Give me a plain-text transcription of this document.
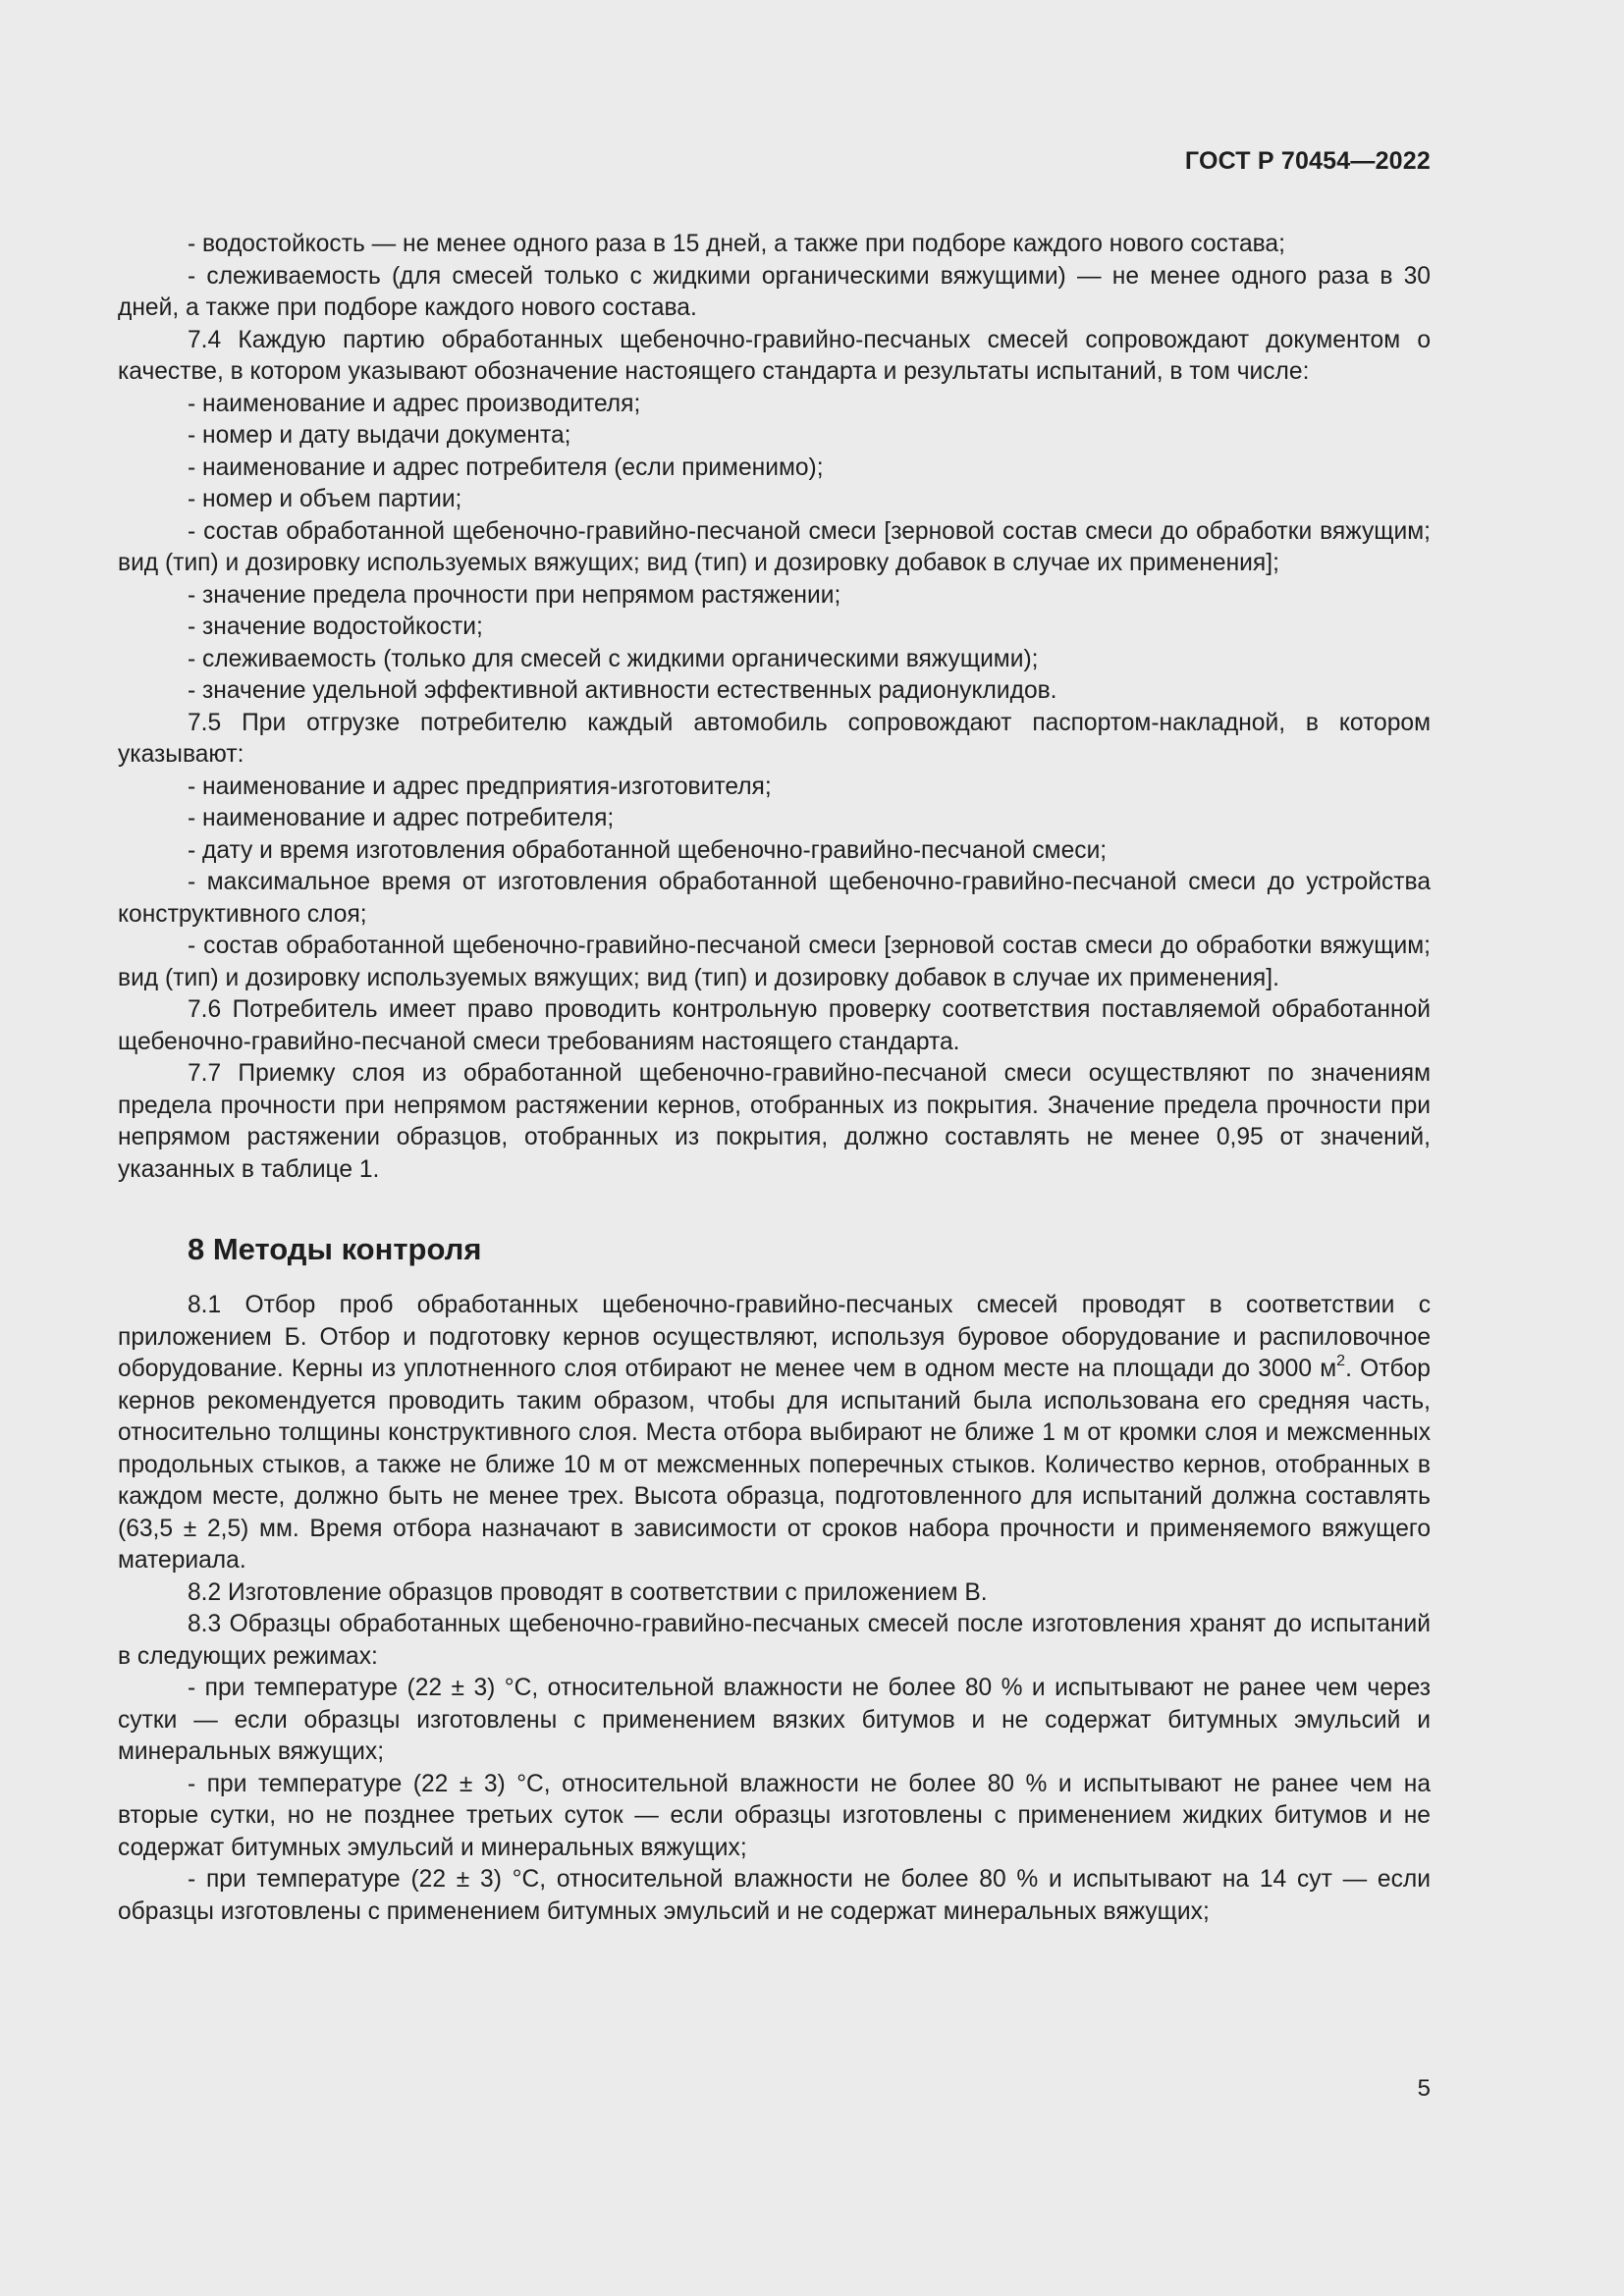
ГОСТ Р 70454—2022

- водостойкость — не менее одного раза в 15 дней, а также при подборе каждого нового состава;

- слеживаемость (для смесей только с жидкими органическими вяжущими) — не менее одного раза в 30 дней, а также при подборе каждого нового состава.

7.4 Каждую партию обработанных щебеночно-гравийно-песчаных смесей сопровождают документом о качестве, в котором указывают обозначение настоящего стандарта и результаты испытаний, в том числе:

- наименование и адрес производителя;

- номер и дату выдачи документа;

- наименование и адрес потребителя (если применимо);

- номер и объем партии;

- состав обработанной щебеночно-гравийно-песчаной смеси [зерновой состав смеси до обработки вяжущим; вид (тип) и дозировку используемых вяжущих; вид (тип) и дозировку добавок в случае их применения];

- значение предела прочности при непрямом растяжении;

- значение водостойкости;

- слеживаемость (только для смесей с жидкими органическими вяжущими);

- значение удельной эффективной активности естественных радионуклидов.

7.5 При отгрузке потребителю каждый автомобиль сопровождают паспортом-накладной, в котором указывают:

- наименование и адрес предприятия-изготовителя;

- наименование и адрес потребителя;

- дату и время изготовления обработанной щебеночно-гравийно-песчаной смеси;

- максимальное время от изготовления обработанной щебеночно-гравийно-песчаной смеси до устройства конструктивного слоя;

- состав обработанной щебеночно-гравийно-песчаной смеси [зерновой состав смеси до обработки вяжущим; вид (тип) и дозировку используемых вяжущих; вид (тип) и дозировку добавок в случае их применения].

7.6 Потребитель имеет право проводить контрольную проверку соответствия поставляемой обработанной щебеночно-гравийно-песчаной смеси требованиям настоящего стандарта.

7.7 Приемку слоя из обработанной щебеночно-гравийно-песчаной смеси осуществляют по значениям предела прочности при непрямом растяжении кернов, отобранных из покрытия. Значение предела прочности при непрямом растяжении образцов, отобранных из покрытия, должно составлять не менее 0,95 от значений, указанных в таблице 1.

8 Методы контроля

8.1 Отбор проб обработанных щебеночно-гравийно-песчаных смесей проводят в соответствии с приложением Б. Отбор и подготовку кернов осуществляют, используя буровое оборудование и распиловочное оборудование. Керны из уплотненного слоя отбирают не менее чем в одном месте на площади до 3000 $м^2$. Отбор кернов рекомендуется проводить таким образом, чтобы для испытаний была использована его средняя часть, относительно толщины конструктивного слоя. Места отбора выбирают не ближе 1 м от кромки слоя и межсменных продольных стыков, а также не ближе 10 м от межсменных поперечных стыков. Количество кернов, отобранных в каждом месте, должно быть не менее трех. Высота образца, подготовленного для испытаний должна составлять (63,5 ± 2,5) мм. Время отбора назначают в зависимости от сроков набора прочности и применяемого вяжущего материала.

8.2 Изготовление образцов проводят в соответствии с приложением В.

8.3 Образцы обработанных щебеночно-гравийно-песчаных смесей после изготовления хранят до испытаний в следующих режимах:

- при температуре (22 ± 3) °С, относительной влажности не более 80 % и испытывают не ранее чем через сутки — если образцы изготовлены с применением вязких битумов и не содержат битумных эмульсий и минеральных вяжущих;

- при температуре (22 ± 3) °С, относительной влажности не более 80 % и испытывают не ранее чем на вторые сутки, но не позднее третьих суток — если образцы изготовлены с применением жидких битумов и не содержат битумных эмульсий и минеральных вяжущих;

- при температуре (22 ± 3) °С, относительной влажности не более 80 % и испытывают на 14 сут — если образцы изготовлены с применением битумных эмульсий и не содержат минеральных вяжущих;

5
